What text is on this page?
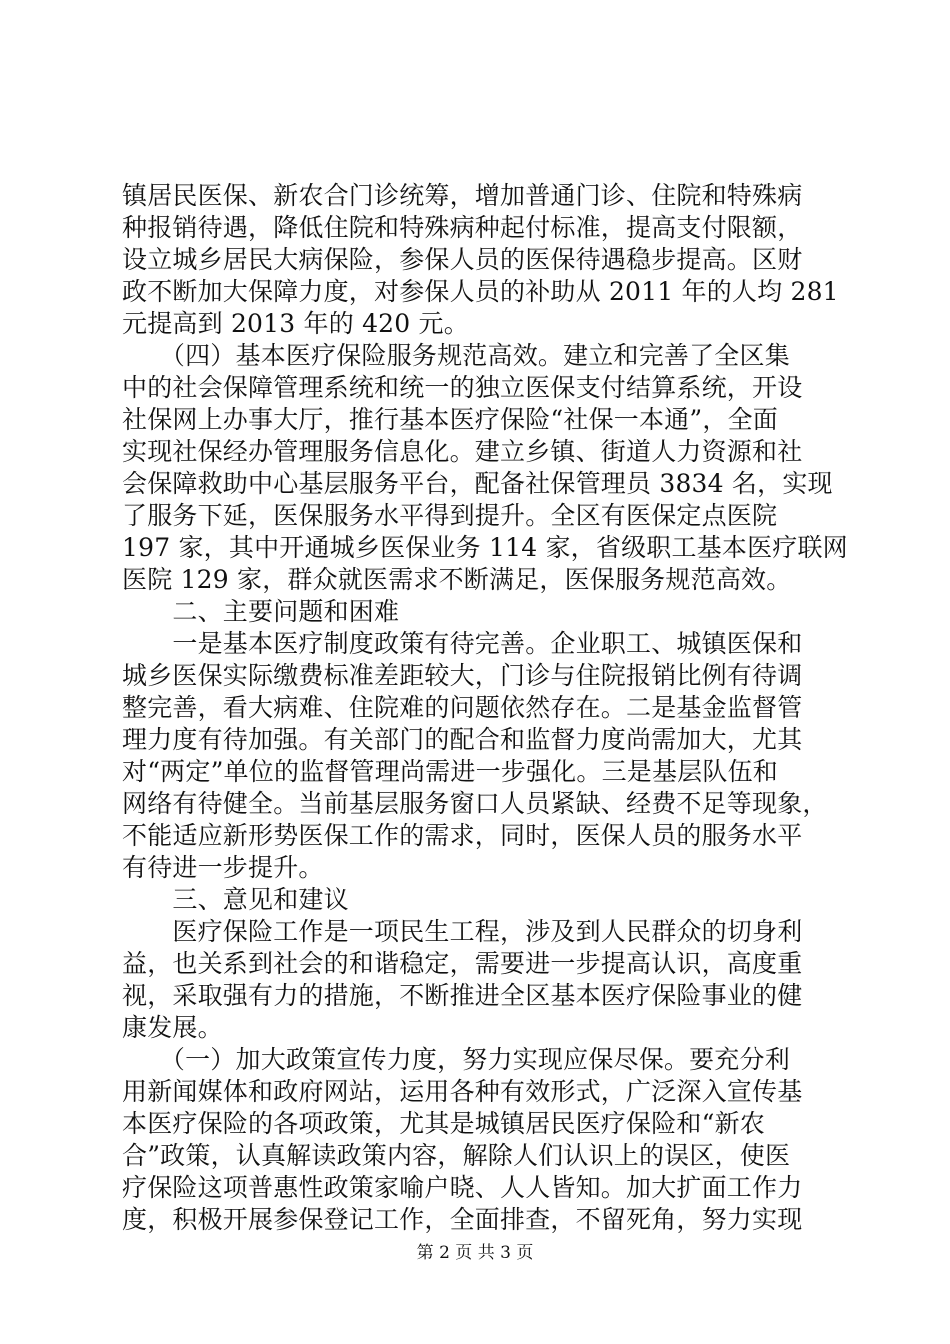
镇居民医保、新农合门诊统筹，增加普通门诊、住院和特殊病
种报销待遇，降低住院和特殊病种起付标准，提高支付限额，
设立城乡居民大病保险，参保人员的医保待遇稳步提高。区财
政不断加大保障力度，对参保人员的补助从 2011 年的人均 281
元提高到 2013 年的 420 元。
　　（四）基本医疗保险服务规范高效。建立和完善了全区集
中的社会保障管理系统和统一的独立医保支付结算系统，开设
社保网上办事大厅，推行基本医疗保险“社保一本通”，全面
实现社保经办管理服务信息化。建立乡镇、街道人力资源和社
会保障救助中心基层服务平台，配备社保管理员 3834 名，实现
了服务下延，医保服务水平得到提升。全区有医保定点医院
197 家，其中开通城乡医保业务 114 家，省级职工基本医疗联网
医院 129 家，群众就医需求不断满足，医保服务规范高效。
　　二、主要问题和困难
　　一是基本医疗制度政策有待完善。企业职工、城镇医保和
城乡医保实际缴费标准差距较大，门诊与住院报销比例有待调
整完善，看大病难、住院难的问题依然存在。二是基金监督管
理力度有待加强。有关部门的配合和监督力度尚需加大，尤其
对“两定”单位的监督管理尚需进一步强化。三是基层队伍和
网络有待健全。当前基层服务窗口人员紧缺、经费不足等现象，
不能适应新形势医保工作的需求，同时，医保人员的服务水平
有待进一步提升。
　　三、意见和建议
　　医疗保险工作是一项民生工程，涉及到人民群众的切身利
益，也关系到社会的和谐稳定，需要进一步提高认识，高度重
视，采取强有力的措施，不断推进全区基本医疗保险事业的健
康发展。
　　（一）加大政策宣传力度，努力实现应保尽保。要充分利
用新闻媒体和政府网站，运用各种有效形式，广泛深入宣传基
本医疗保险的各项政策，尤其是城镇居民医疗保险和“新农
合”政策，认真解读政策内容，解除人们认识上的误区，使医
疗保险这项普惠性政策家喻户晓、人人皆知。加大扩面工作力
度，积极开展参保登记工作，全面排查，不留死角，努力实现
第 2 页 共 3 页
